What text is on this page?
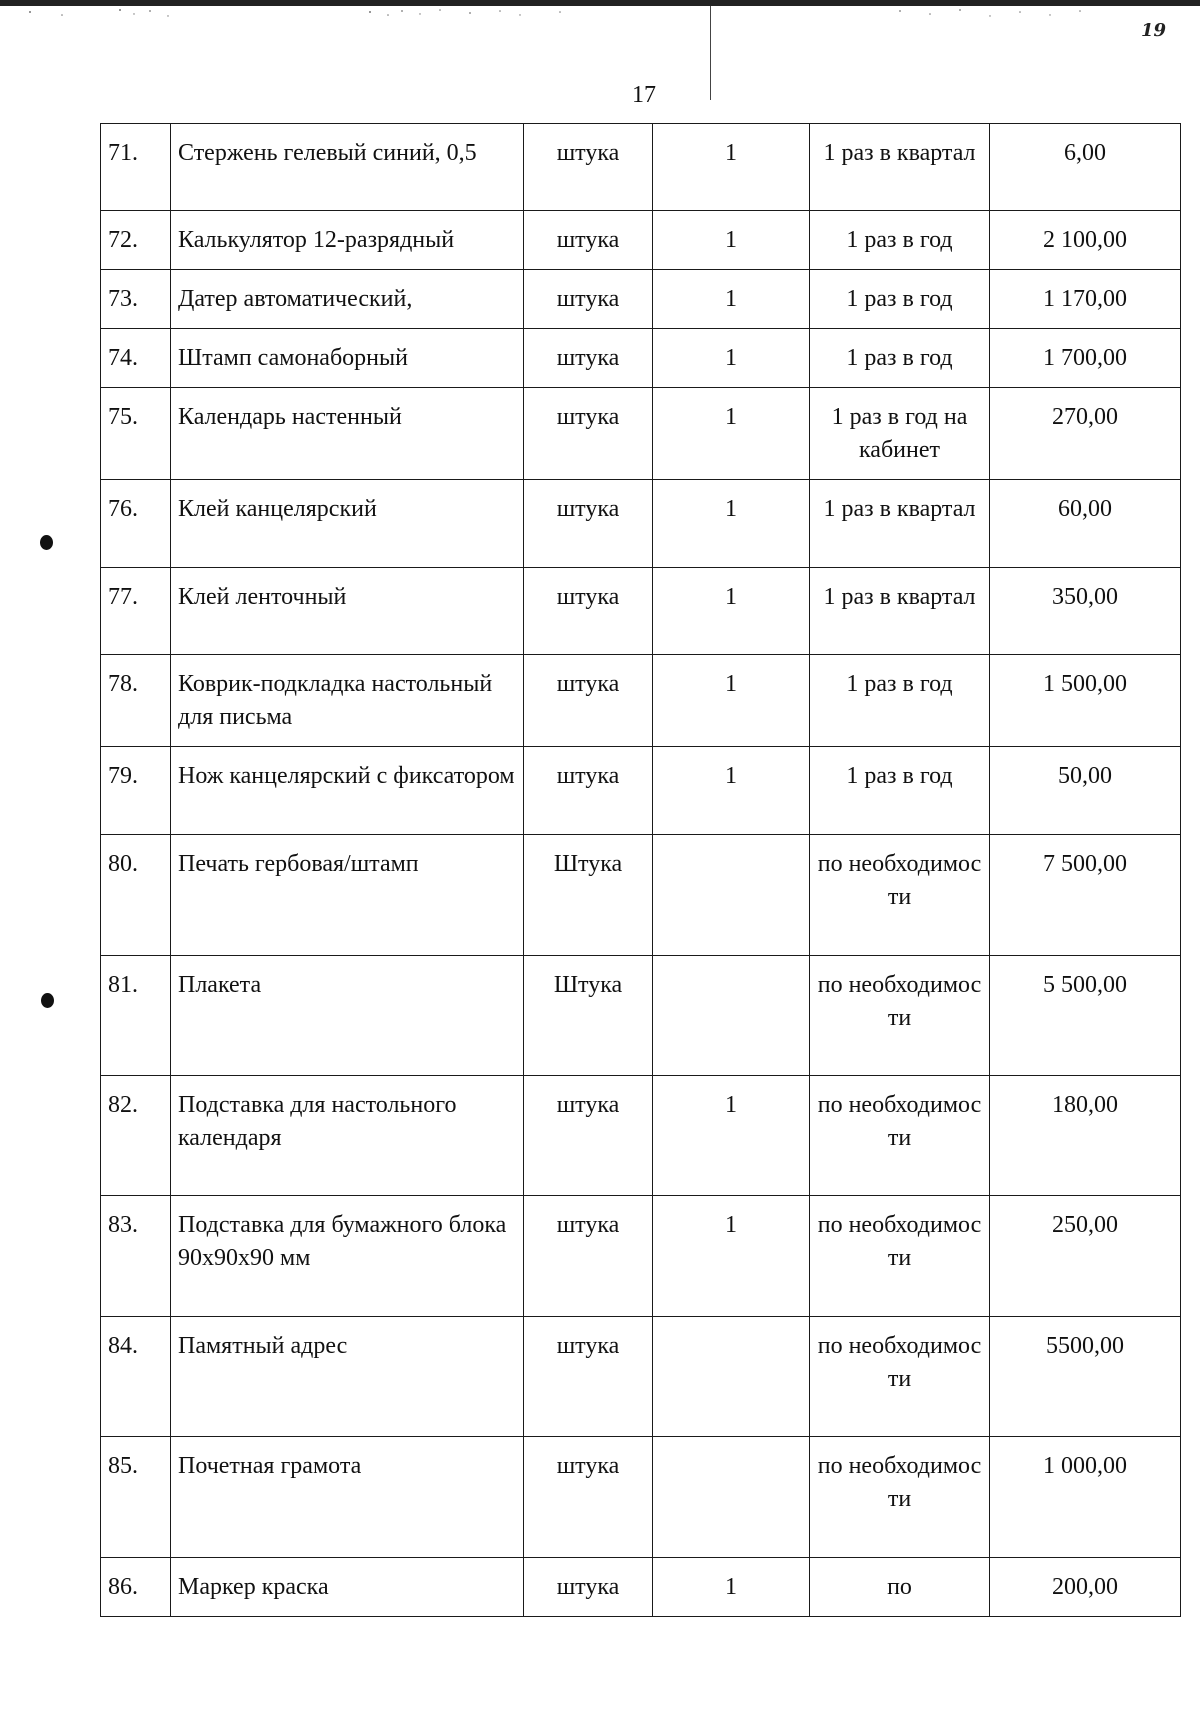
19
17
71.	Стержень гелевый синий, 0,5	штука	1	1 раз в квартал	6,00
72.	Калькулятор 12-разрядный	штука	1	1 раз в год	2 100,00
73.	Датер автоматический,	штука	1	1 раз в год	1 170,00
74.	Штамп самонаборный	штука	1	1 раз в год	1 700,00
75.	Календарь настенный	штука	1	1 раз в год на кабинет	270,00
76.	Клей канцелярский	штука	1	1 раз в квартал	60,00
77.	Клей ленточный	штука	1	1 раз в квартал	350,00
78.	Коврик-подкладка настольный для письма	штука	1	1 раз в год	1 500,00
79.	Нож канцелярский с фиксатором	штука	1	1 раз в год	50,00
80.	Печать гербовая/штамп	Штука		по необходимос ти	7 500,00
81.	Плакета	Штука		по необходимос ти	5 500,00
82.	Подставка для настольного календаря	штука	1	по необходимос ти	180,00
83.	Подставка для бумажного блока 90х90х90 мм	штука	1	по необходимос ти	250,00
84.	Памятный адрес	штука		по необходимос ти	5500,00
85.	Почетная грамота	штука		по необходимос ти	1 000,00
86.	Маркер краска	штука	1	по	200,00
